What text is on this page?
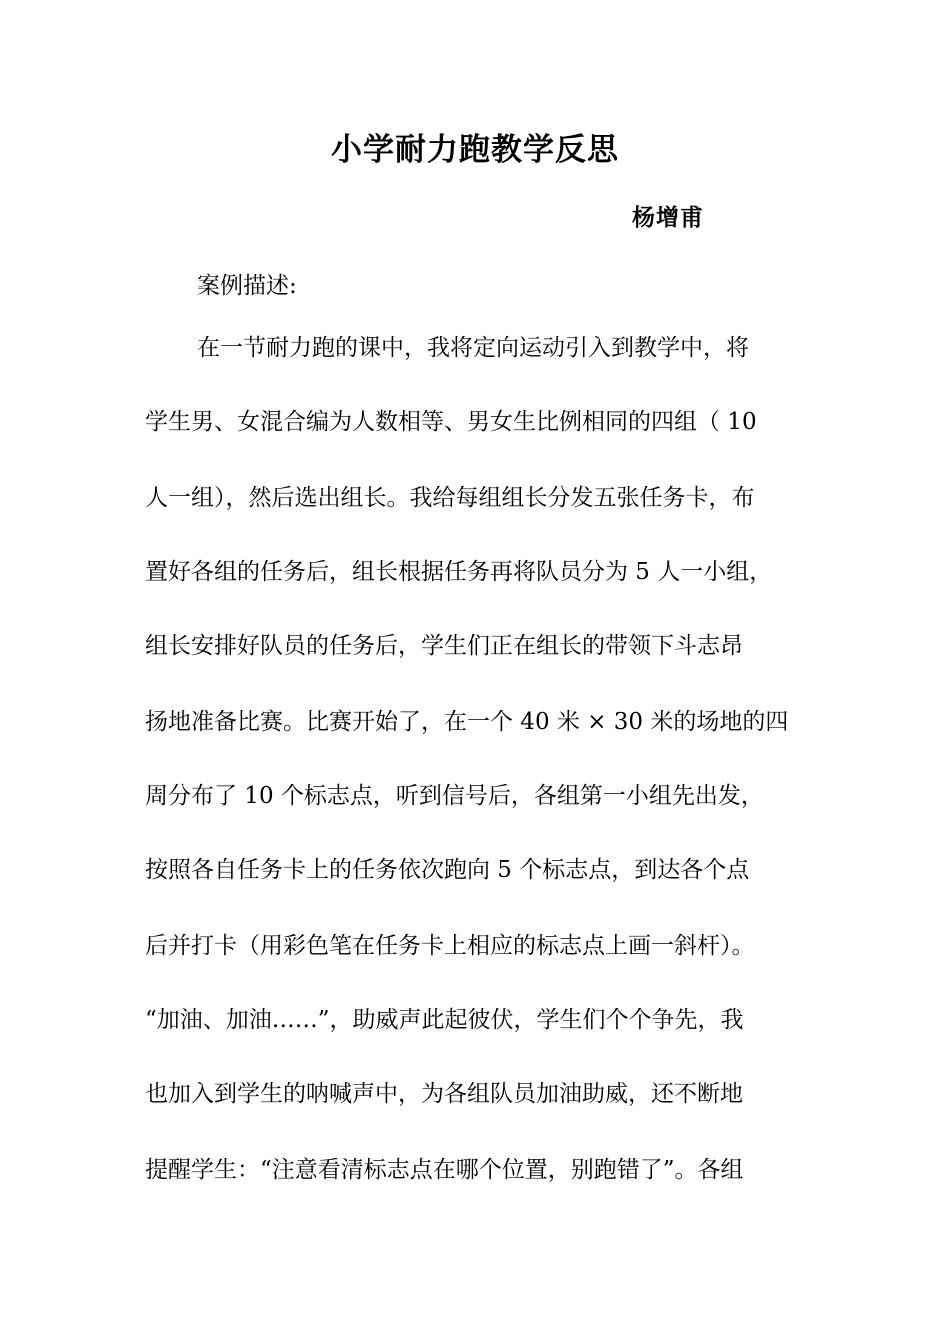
小学耐力跑教学反思

杨增甫

案例描述:

在一节耐力跑的课中，我将定向运动引入到教学中，将

学生男、女混合编为人数相等、男女生比例相同的四组（ 10

人一组），然后选出组长。我给每组组长分发五张任务卡，布

置好各组的任务后，组长根据任务再将队员分为 5 人一小组，

组长安排好队员的任务后，学生们正在组长的带领下斗志昂

扬地准备比赛。比赛开始了，在一个 40 米 × 30 米的场地的四

周分布了 10 个标志点，听到信号后，各组第一小组先出发，

按照各自任务卡上的任务依次跑向 5 个标志点，到达各个点

后并打卡（用彩色笔在任务卡上相应的标志点上画一斜杆）。

“加油、加油……”，助威声此起彼伏，学生们个个争先，我

也加入到学生的呐喊声中，为各组队员加油助威，还不断地

提醒学生：“注意看清标志点在哪个位置，别跑错了”。各组
